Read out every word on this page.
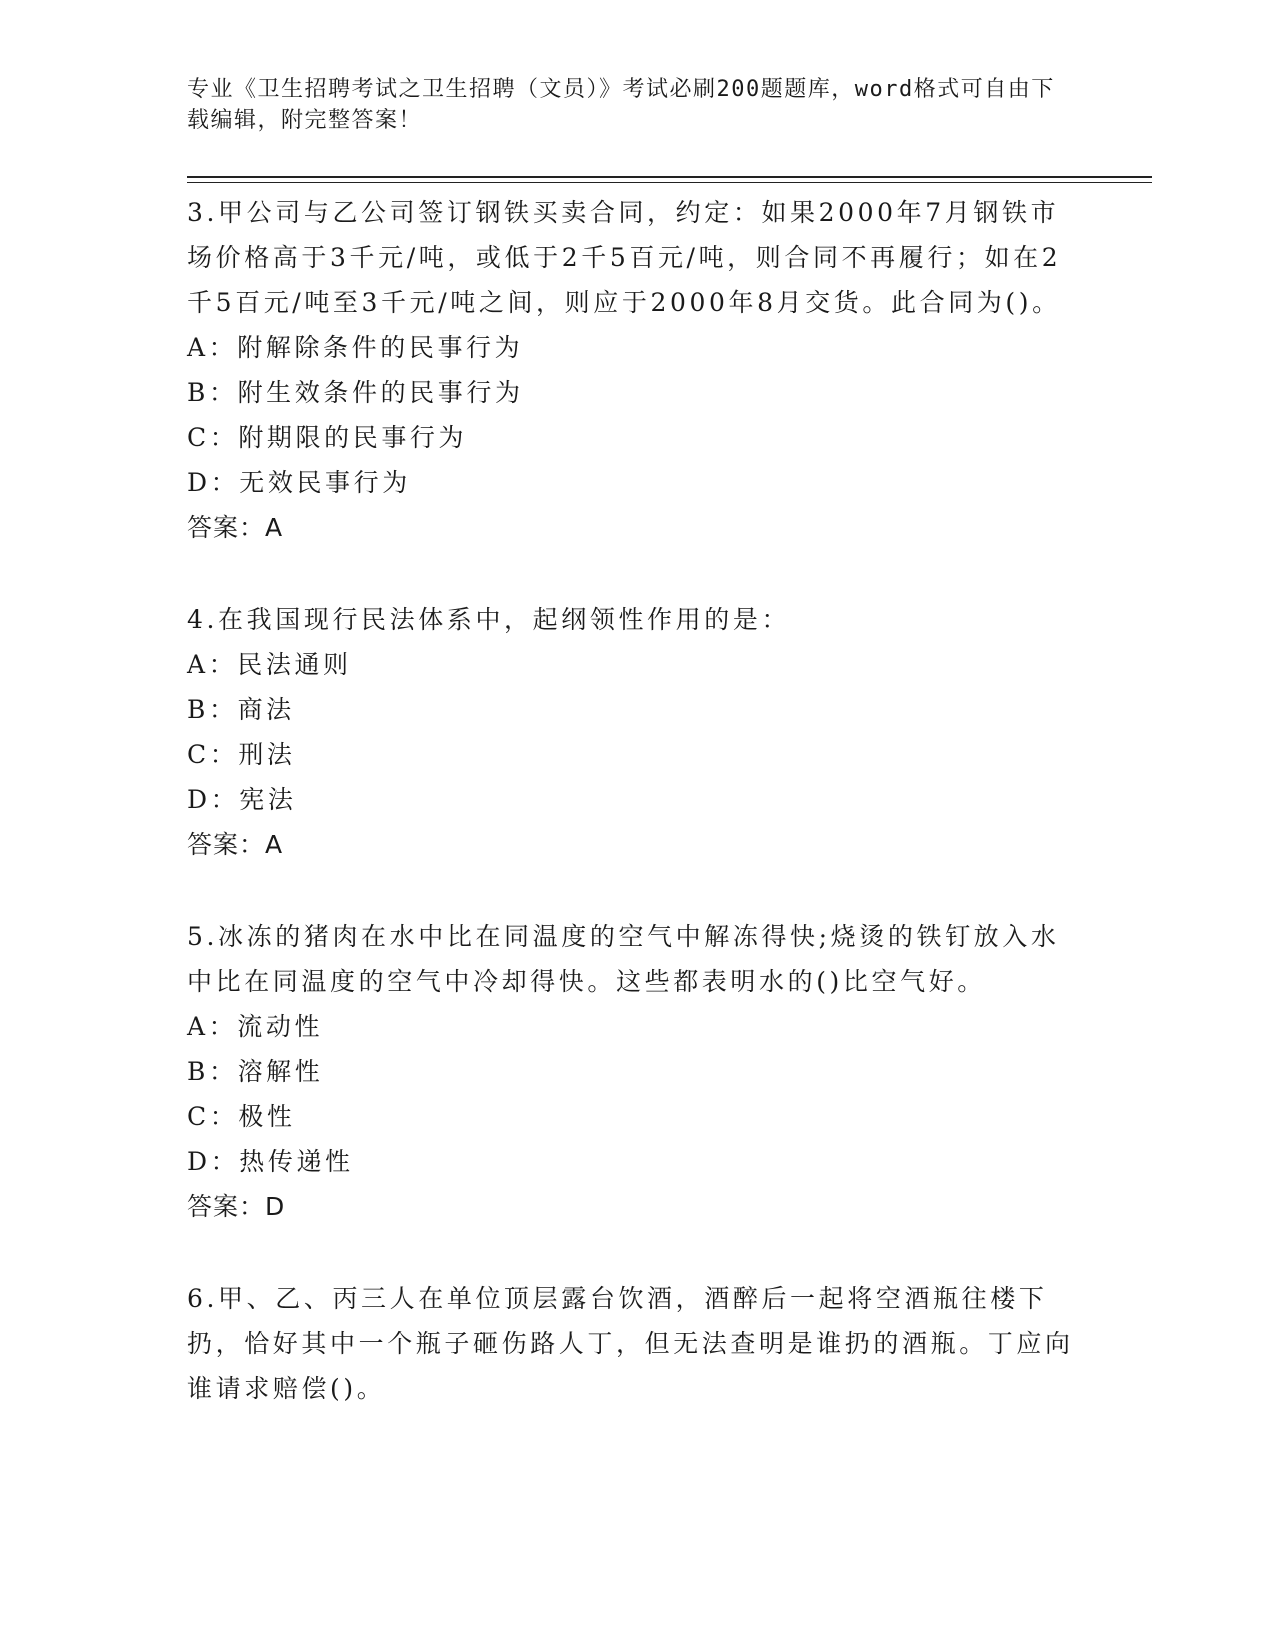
专业《卫生招聘考试之卫生招聘（文员）》考试必刷200题题库，word格式可自由下载编辑，附完整答案！

3.甲公司与乙公司签订钢铁买卖合同，约定：如果2000年7月钢铁市场价格高于3千元/吨，或低于2千5百元/吨，则合同不再履行；如在2千5百元/吨至3千元/吨之间，则应于2000年8月交货。此合同为()。

A：附解除条件的民事行为

B：附生效条件的民事行为

C：附期限的民事行为

D：无效民事行为

答案：A

4.在我国现行民法体系中，起纲领性作用的是：

A：民法通则

B：商法

C：刑法

D：宪法

答案：A

5.冰冻的猪肉在水中比在同温度的空气中解冻得快;烧烫的铁钉放入水中比在同温度的空气中冷却得快。这些都表明水的()比空气好。

A：流动性

B：溶解性

C：极性

D：热传递性

答案：D

6.甲、乙、丙三人在单位顶层露台饮酒，酒醉后一起将空酒瓶往楼下扔，恰好其中一个瓶子砸伤路人丁，但无法查明是谁扔的酒瓶。丁应向谁请求赔偿()。
